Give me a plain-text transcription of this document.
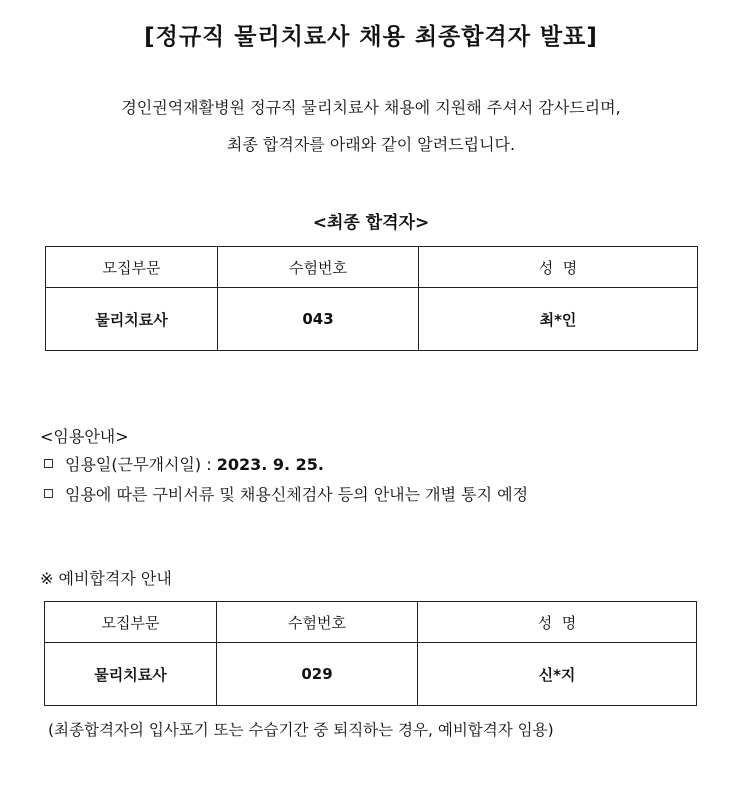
[정규직 물리치료사 채용 최종합격자 발표]
경인권역재활병원 정규직 물리치료사 채용에 지원해 주셔서 감사드리며,
최종 합격자를 아래와 같이 알려드립니다.
<최종 합격자>
모집부문	수험번호	성  명
물리치료사	043	최*인
<임용안내>
임용일(근무개시일) : 2023. 9. 25.
임용에 따른 구비서류 및 채용신체검사 등의 안내는 개별 통지 예정
※ 예비합격자 안내
모집부문	수험번호	성  명
물리치료사	029	신*지
(최종합격자의 입사포기 또는 수습기간 중 퇴직하는 경우, 예비합격자 임용)
